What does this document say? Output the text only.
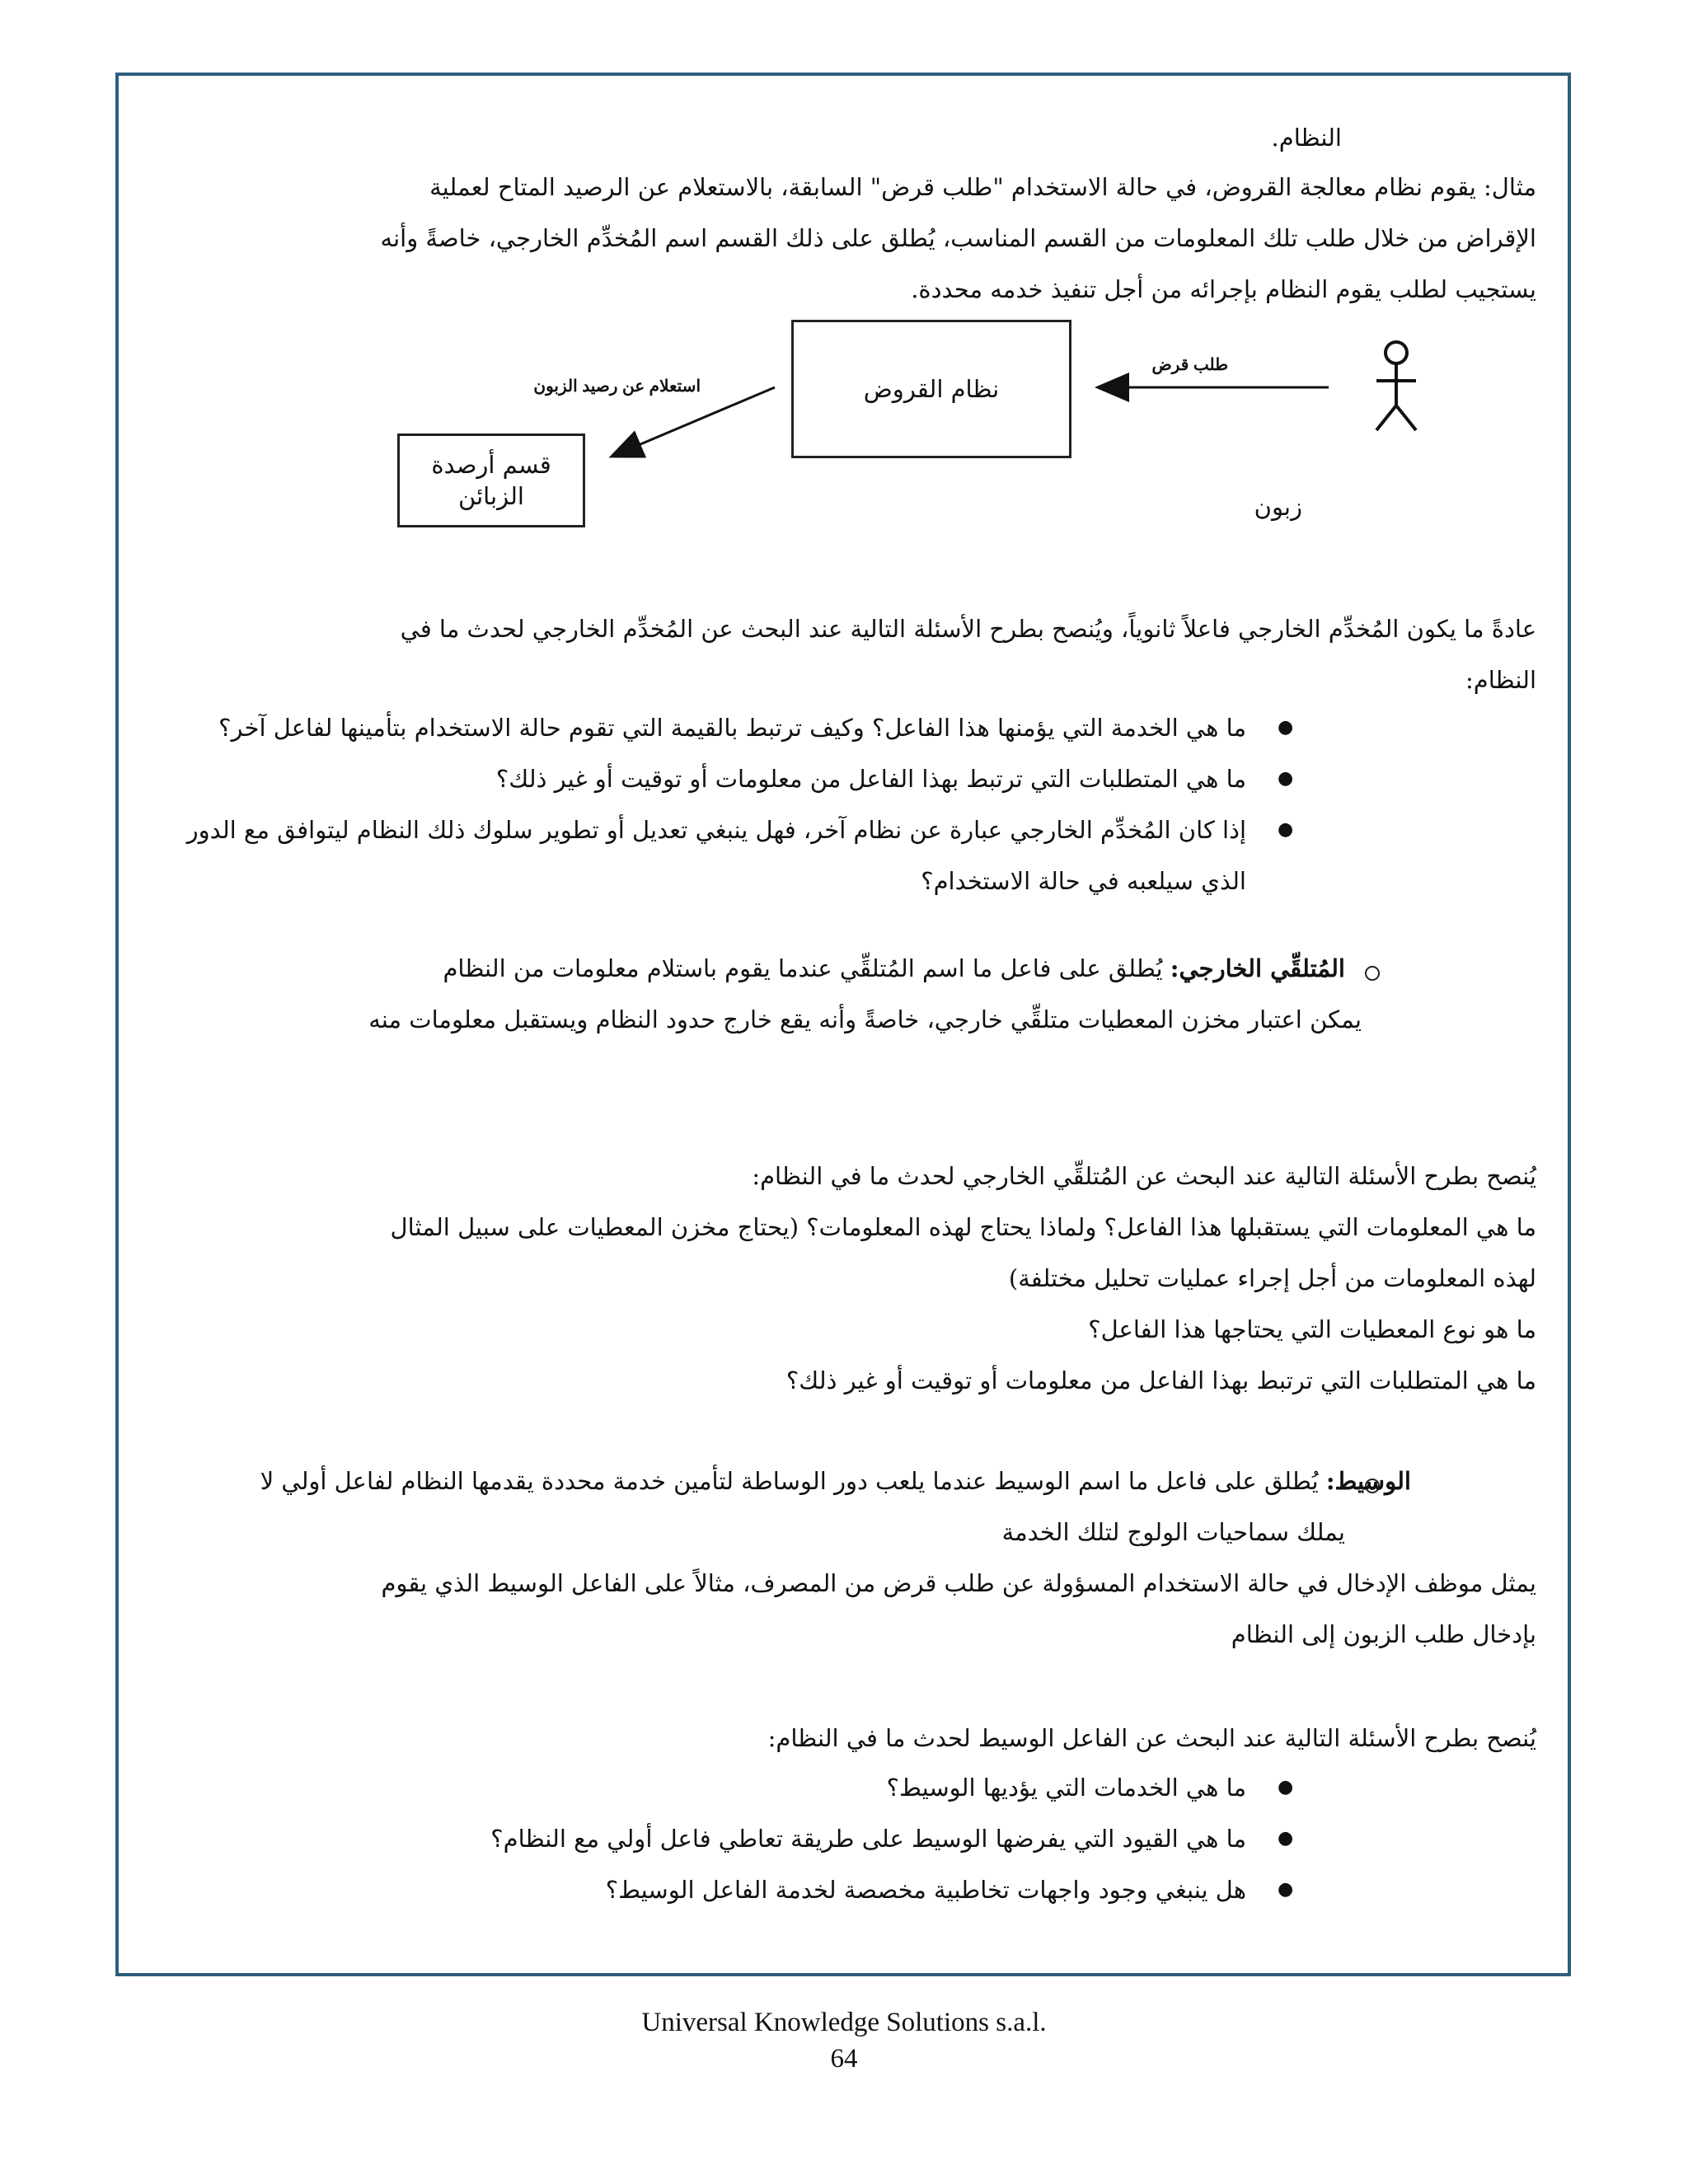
النظام.
مثال: يقوم نظام معالجة القروض، في حالة الاستخدام "طلب قرض" السابقة، بالاستعلام عن الرصيد المتاح لعملية
الإقراض من خلال طلب تلك المعلومات من القسم المناسب، يُطلق على ذلك القسم اسم المُخدِّم الخارجي، خاصةً وأنه
يستجيب لطلب يقوم النظام بإجرائه من أجل تنفيذ خدمه محددة.
نظام القروض
قسم أرصدة
الزبائن
طلب قرض
استعلام عن رصيد الزبون
زبون
عادةً ما يكون المُخدِّم الخارجي فاعلاً ثانوياً، ويُنصح بطرح الأسئلة التالية عند البحث عن المُخدِّم الخارجي لحدث ما في
النظام:
●
ما هي الخدمة التي يؤمنها هذا الفاعل؟ وكيف ترتبط بالقيمة التي تقوم حالة الاستخدام بتأمينها لفاعل آخر؟
●
ما هي المتطلبات التي ترتبط بهذا الفاعل من معلومات أو توقيت أو غير ذلك؟
●
إذا كان المُخدِّم الخارجي عبارة عن نظام آخر، فهل ينبغي تعديل أو تطوير سلوك ذلك النظام ليتوافق مع الدور
الذي سيلعبه في حالة الاستخدام؟
المُتلقِّي الخارجي: يُطلق على فاعل ما اسم المُتلقِّي عندما يقوم باستلام معلومات من النظام
يمكن اعتبار مخزن المعطيات متلقِّي خارجي، خاصةً وأنه يقع خارج حدود النظام ويستقبل معلومات منه
يُنصح بطرح الأسئلة التالية عند البحث عن المُتلقِّي الخارجي لحدث ما في النظام:
ما هي المعلومات التي يستقبلها هذا الفاعل؟ ولماذا يحتاج لهذه المعلومات؟ (يحتاج مخزن المعطيات على سبيل المثال
لهذه المعلومات من أجل إجراء عمليات تحليل مختلفة)
ما هو نوع المعطيات التي يحتاجها هذا الفاعل؟
ما هي المتطلبات التي ترتبط بهذا الفاعل من معلومات أو توقيت أو غير ذلك؟
الوسيط: يُطلق على فاعل ما اسم الوسيط عندما يلعب دور الوساطة لتأمين خدمة محددة يقدمها النظام لفاعل أولي لا
يملك سماحيات الولوج لتلك الخدمة
يمثل موظف الإدخال في حالة الاستخدام المسؤولة عن طلب قرض من المصرف، مثالاً على الفاعل الوسيط الذي يقوم
بإدخال طلب الزبون إلى النظام
يُنصح بطرح الأسئلة التالية عند البحث عن الفاعل الوسيط لحدث ما في النظام:
●
ما هي الخدمات التي يؤديها الوسيط؟
●
ما هي القيود التي يفرضها الوسيط على طريقة تعاطي فاعل أولي مع النظام؟
●
هل ينبغي وجود واجهات تخاطبية مخصصة لخدمة الفاعل الوسيط؟
Universal Knowledge Solutions s.a.l.
64
